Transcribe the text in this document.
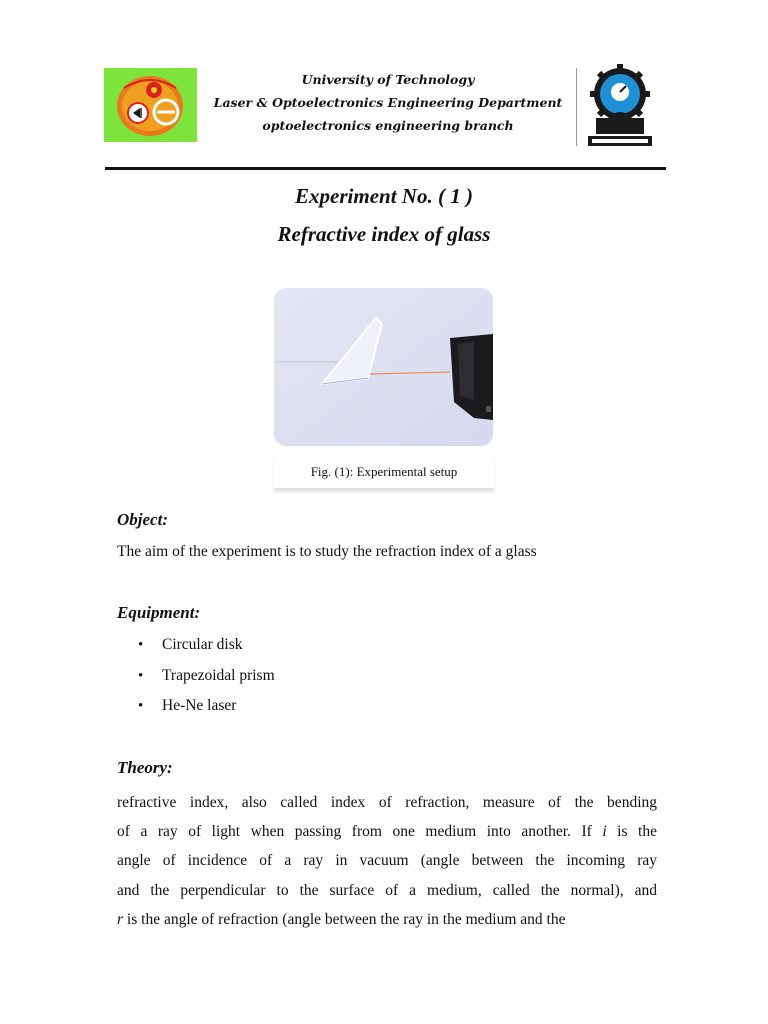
University of Technology
Laser & Optoelectronics Engineering Department
optoelectronics engineering branch
Experiment No. ( 1 )
Refractive index of glass
Fig. (1): Experimental setup
Object:
The aim of the experiment is to study the refraction index of a glass
Equipment:
• Circular disk
• Trapezoidal prism
• He-Ne laser
Theory:
refractive index, also called index of refraction, measure of the bending
of a ray of light when passing from one medium into another. If i is the
angle of incidence of a ray in vacuum (angle between the incoming ray
and the perpendicular to the surface of a medium, called the normal), and
r is the angle of refraction (angle between the ray in the medium and the
